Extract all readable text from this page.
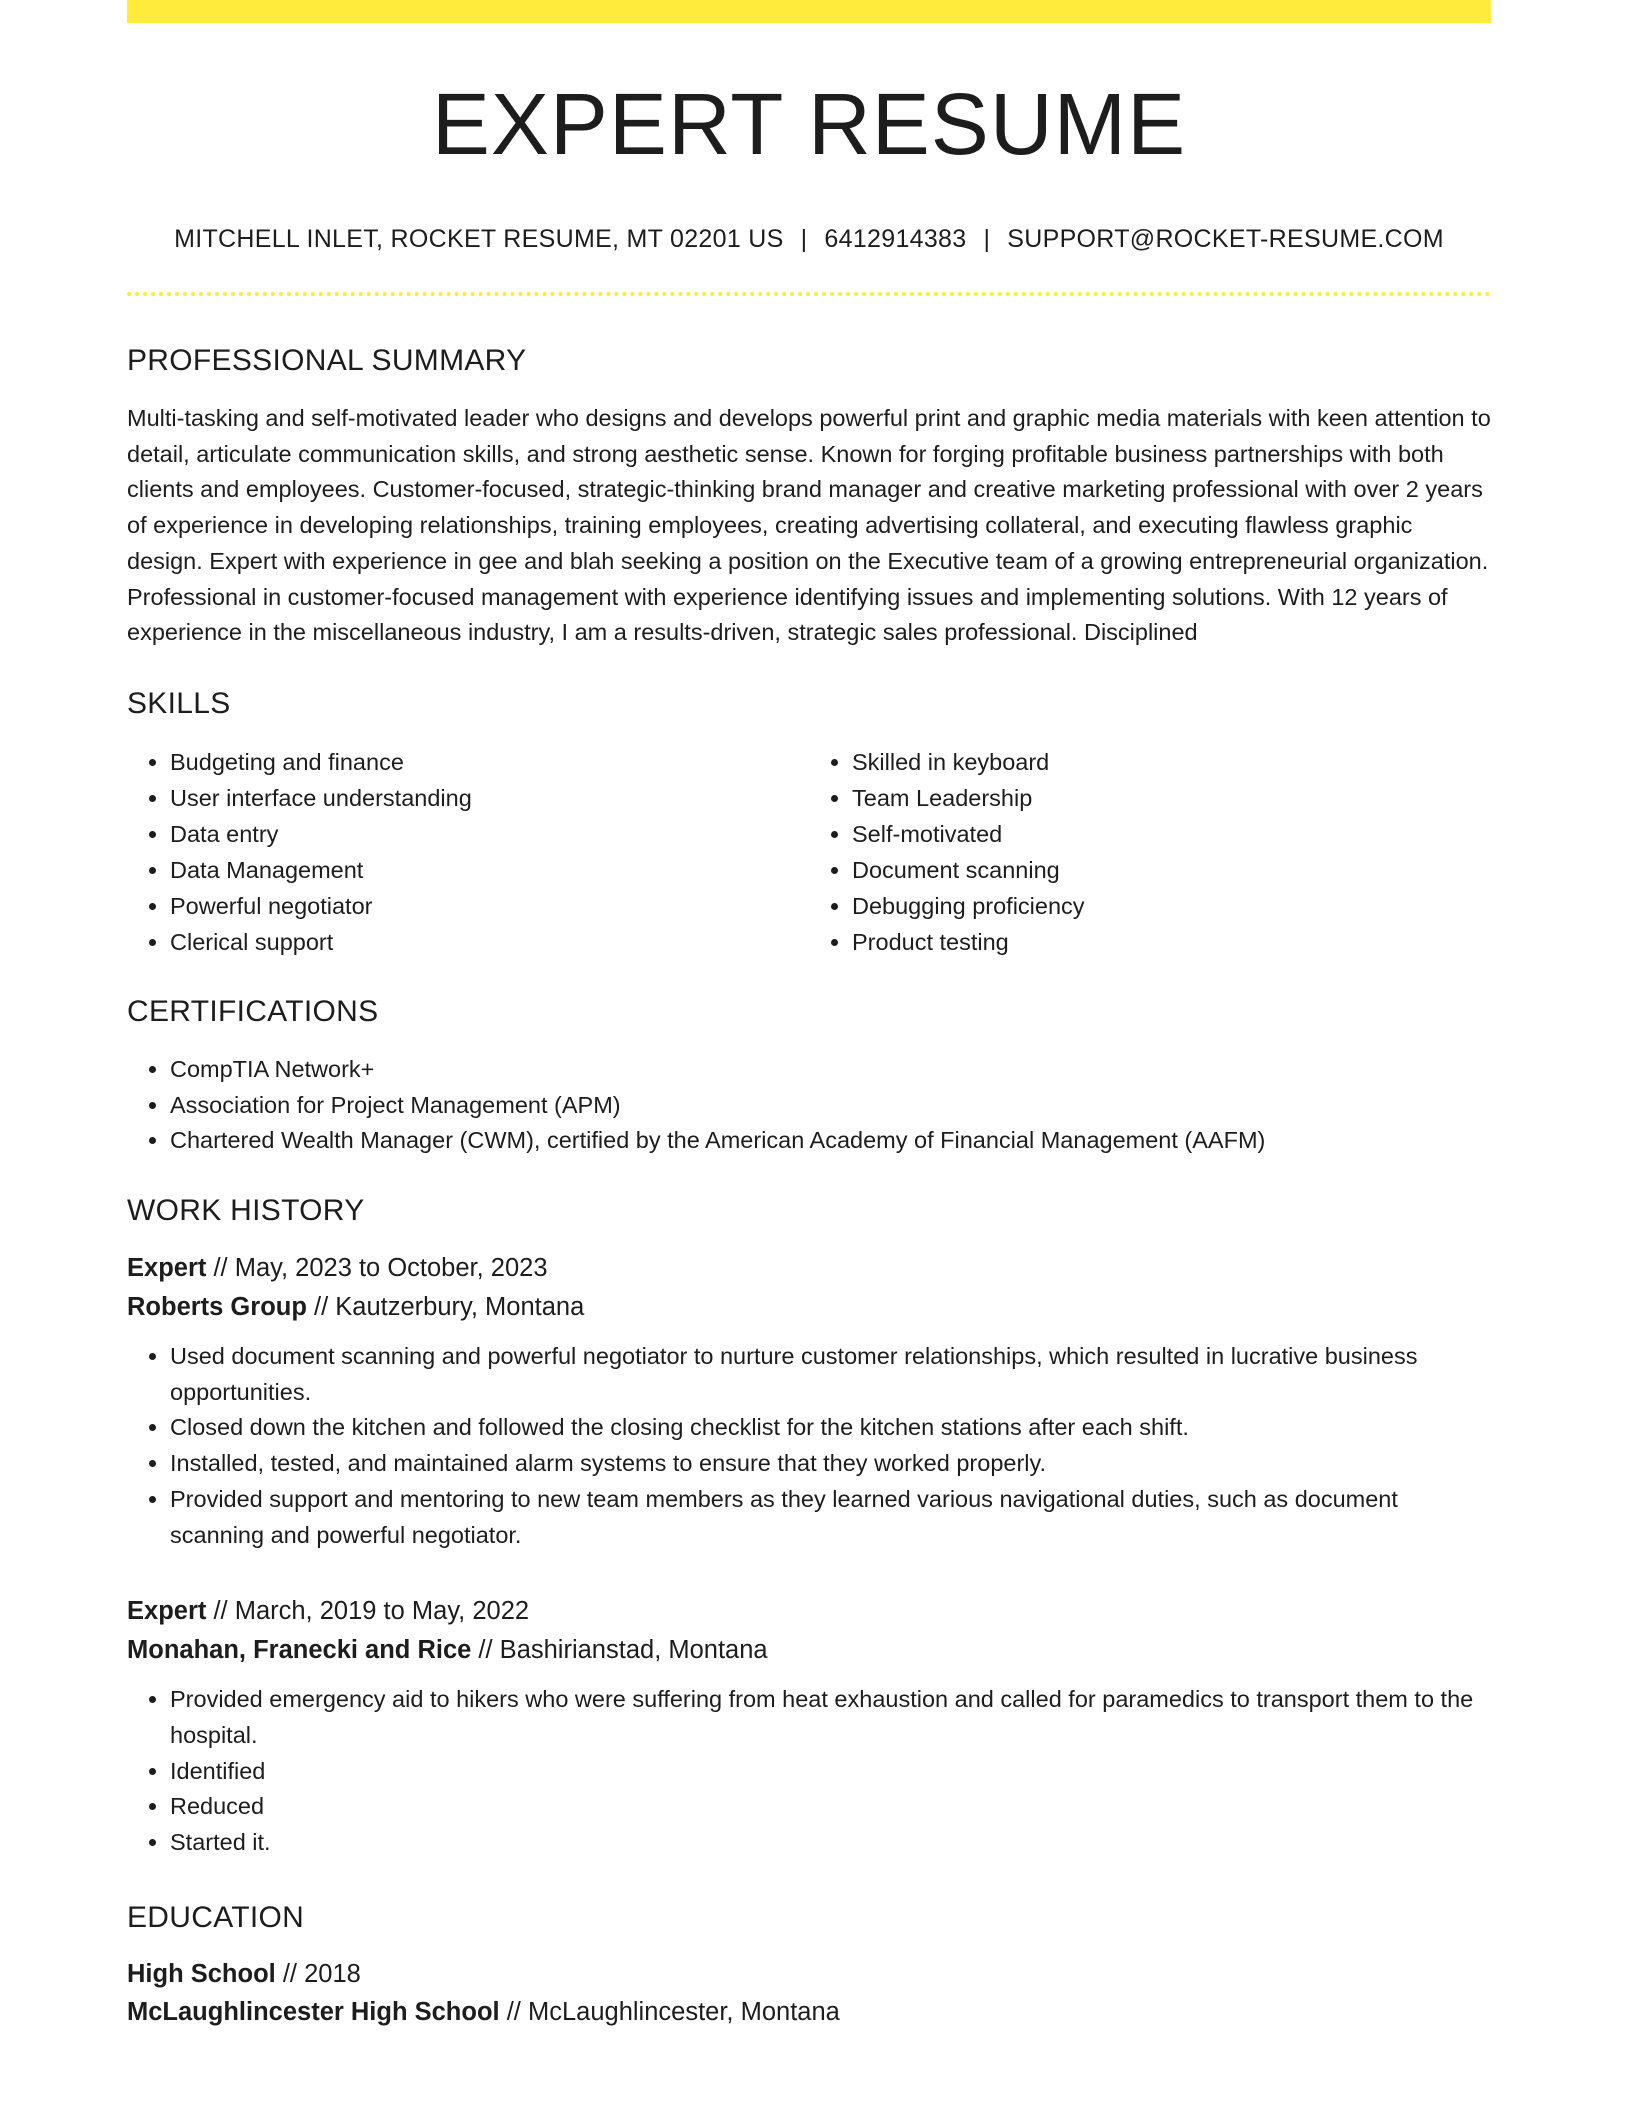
EXPERT RESUME
MITCHELL INLET, ROCKET RESUME, MT 02201 US | 6412914383 | SUPPORT@ROCKET-RESUME.COM
PROFESSIONAL SUMMARY
Multi-tasking and self-motivated leader who designs and develops powerful print and graphic media materials with keen attention to detail, articulate communication skills, and strong aesthetic sense. Known for forging profitable business partnerships with both clients and employees. Customer-focused, strategic-thinking brand manager and creative marketing professional with over 2 years of experience in developing relationships, training employees, creating advertising collateral, and executing flawless graphic design. Expert with experience in gee and blah seeking a position on the Executive team of a growing entrepreneurial organization. Professional in customer-focused management with experience identifying issues and implementing solutions. With 12 years of experience in the miscellaneous industry, I am a results-driven, strategic sales professional. Disciplined
SKILLS
• Budgeting and finance
• User interface understanding
• Data entry
• Data Management
• Powerful negotiator
• Clerical support
• Skilled in keyboard
• Team Leadership
• Self-motivated
• Document scanning
• Debugging proficiency
• Product testing
CERTIFICATIONS
• CompTIA Network+
• Association for Project Management (APM)
• Chartered Wealth Manager (CWM), certified by the American Academy of Financial Management (AAFM)
WORK HISTORY
Expert // May, 2023 to October, 2023
Roberts Group // Kautzerbury, Montana
• Used document scanning and powerful negotiator to nurture customer relationships, which resulted in lucrative business opportunities.
• Closed down the kitchen and followed the closing checklist for the kitchen stations after each shift.
• Installed, tested, and maintained alarm systems to ensure that they worked properly.
• Provided support and mentoring to new team members as they learned various navigational duties, such as document scanning and powerful negotiator.
Expert // March, 2019 to May, 2022
Monahan, Franecki and Rice // Bashirianstad, Montana
• Provided emergency aid to hikers who were suffering from heat exhaustion and called for paramedics to transport them to the hospital.
• Identified
• Reduced
• Started it.
EDUCATION
High School // 2018
McLaughlincester High School // McLaughlincester, Montana
